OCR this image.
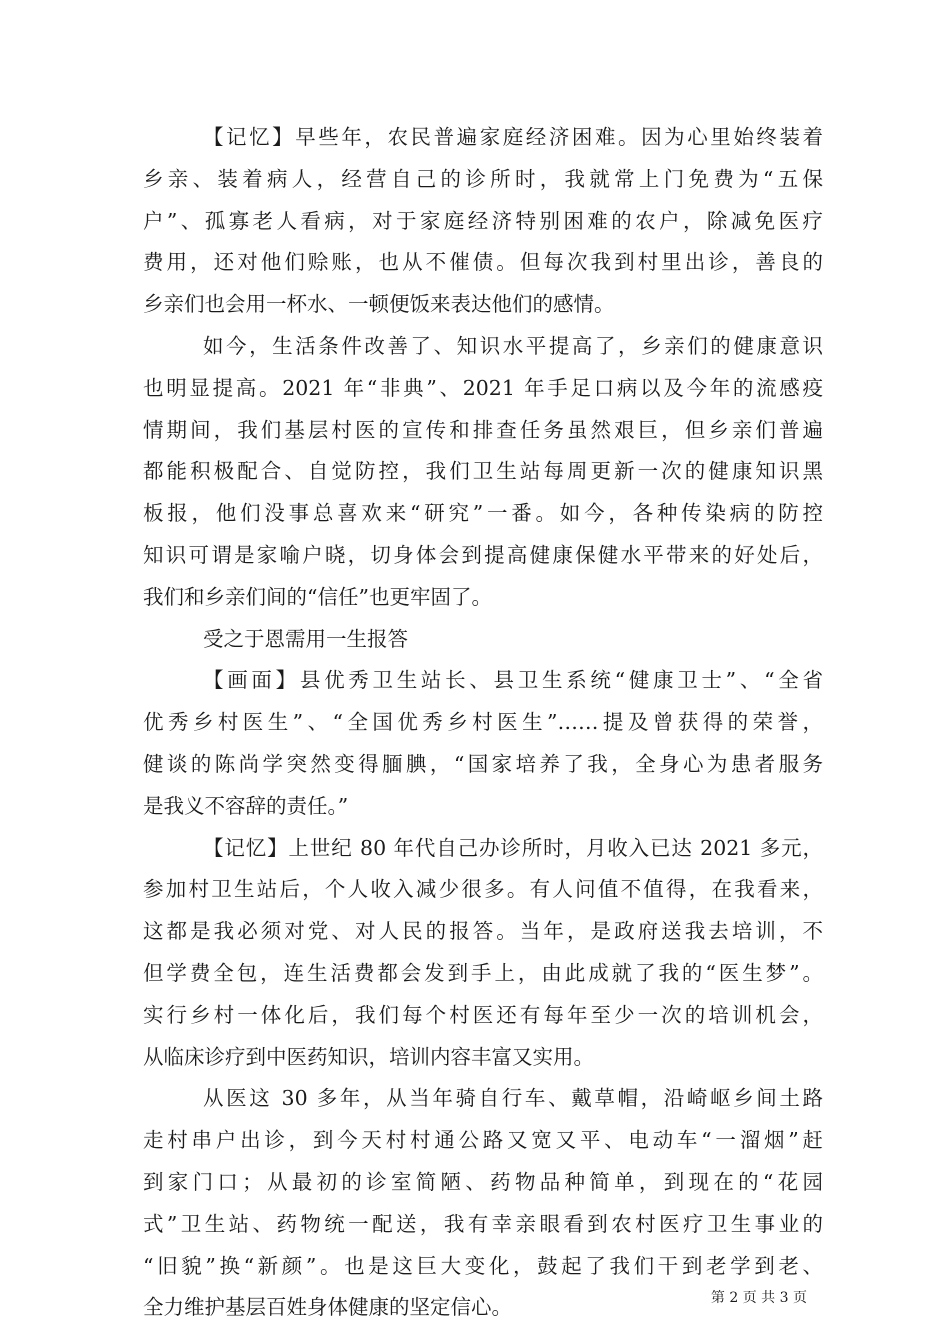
【记忆】早些年，农民普遍家庭经济困难。因为心里始终装着
乡亲、装着病人，经营自己的诊所时，我就常上门免费为“五保
户”、孤寡老人看病，对于家庭经济特别困难的农户，除减免医疗
费用，还对他们赊账，也从不催债。但每次我到村里出诊，善良的
乡亲们也会用一杯水、一顿便饭来表达他们的感情。
如今，生活条件改善了、知识水平提高了，乡亲们的健康意识
也明显提高。2021 年“非典”、2021 年手足口病以及今年的流感疫
情期间，我们基层村医的宣传和排查任务虽然艰巨，但乡亲们普遍
都能积极配合、自觉防控，我们卫生站每周更新一次的健康知识黑
板报，他们没事总喜欢来“研究”一番。如今，各种传染病的防控
知识可谓是家喻户晓，切身体会到提高健康保健水平带来的好处后，
我们和乡亲们间的“信任”也更牢固了。
受之于恩需用一生报答
【画面】县优秀卫生站长、县卫生系统“健康卫士”、“全省
优秀乡村医生”、“全国优秀乡村医生”……提及曾获得的荣誉，
健谈的陈尚学突然变得腼腆，“国家培养了我，全身心为患者服务
是我义不容辞的责任。”
【记忆】上世纪 80 年代自己办诊所时，月收入已达 2021 多元，
参加村卫生站后，个人收入减少很多。有人问值不值得，在我看来，
这都是我必须对党、对人民的报答。当年，是政府送我去培训，不
但学费全包，连生活费都会发到手上，由此成就了我的“医生梦”。
实行乡村一体化后，我们每个村医还有每年至少一次的培训机会，
从临床诊疗到中医药知识，培训内容丰富又实用。
从医这 30 多年，从当年骑自行车、戴草帽，沿崎岖乡间土路
走村串户出诊，到今天村村通公路又宽又平、电动车“一溜烟”赶
到家门口；从最初的诊室简陋、药物品种简单，到现在的“花园
式”卫生站、药物统一配送，我有幸亲眼看到农村医疗卫生事业的
“旧貌”换“新颜”。也是这巨大变化，鼓起了我们干到老学到老、
全力维护基层百姓身体健康的坚定信心。	第 2 页 共 3 页
